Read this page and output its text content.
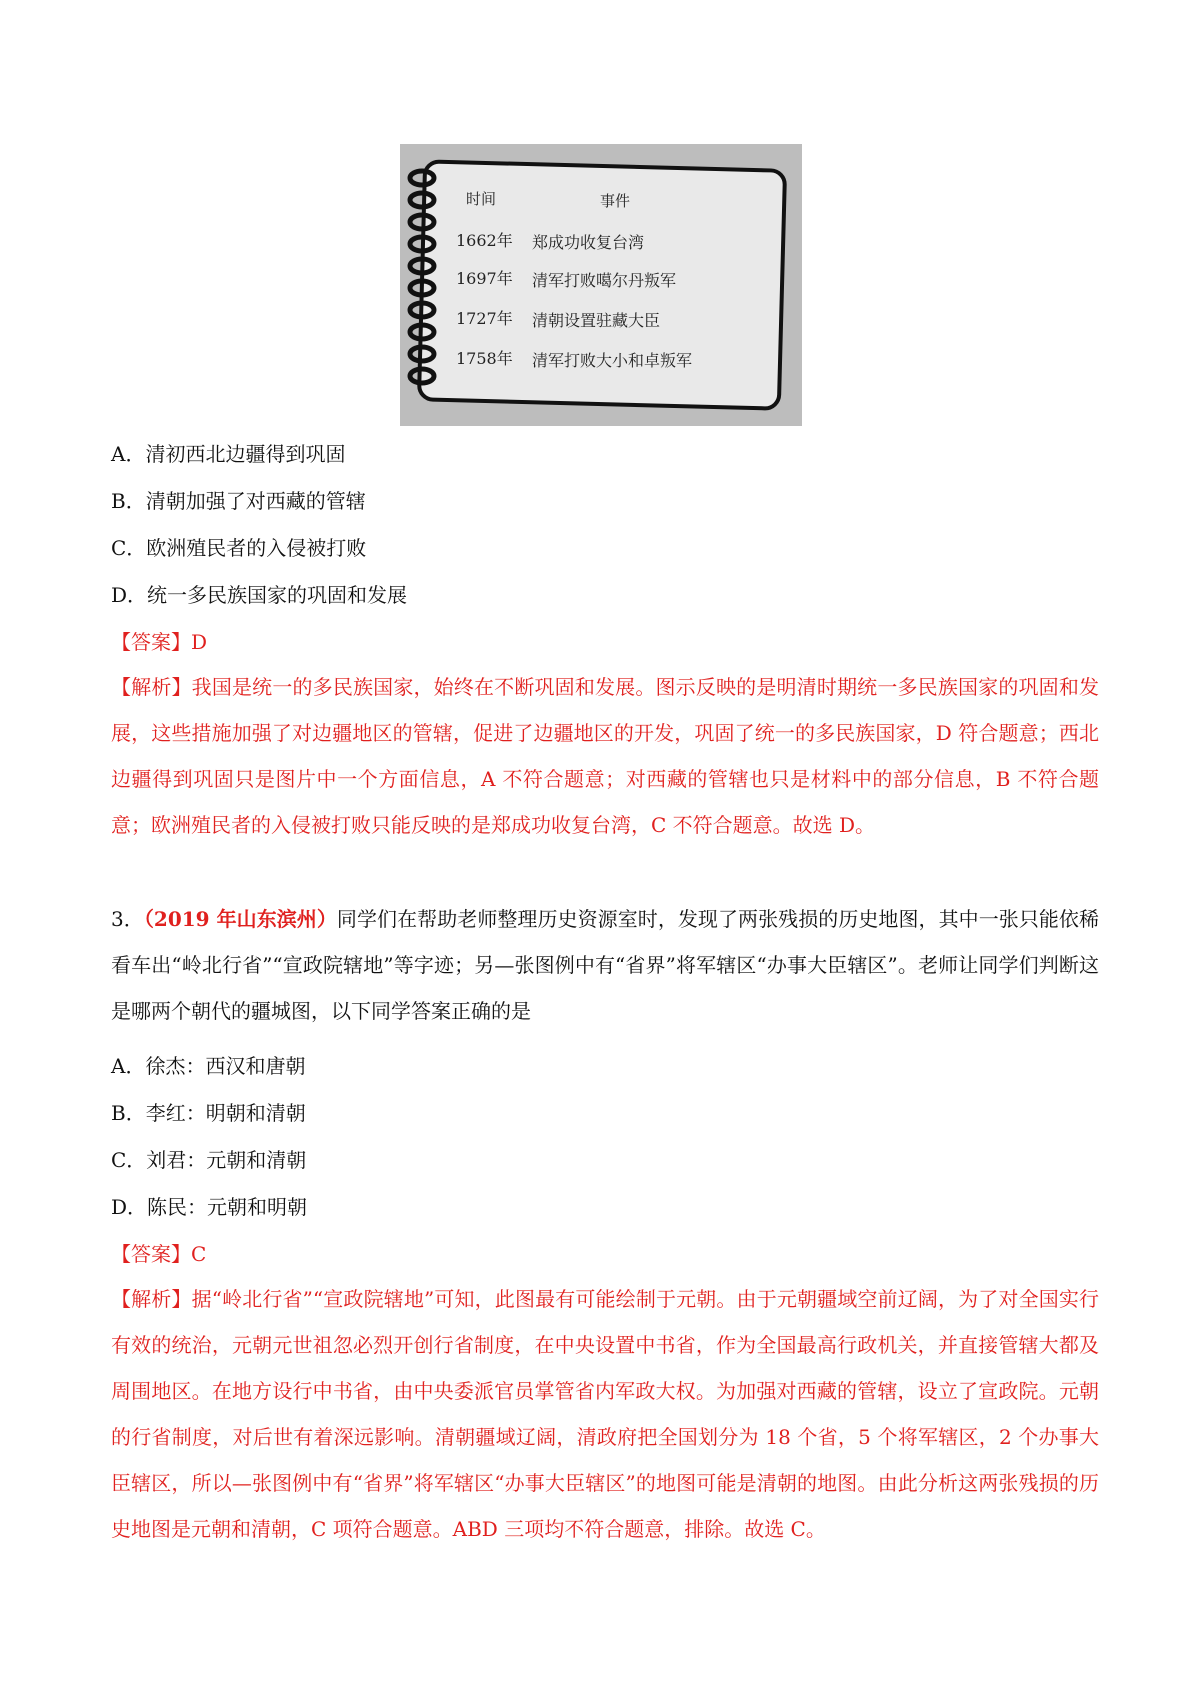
时间	事件
1662年 郑成功收复台湾
1697年 清军打败噶尔丹叛军
1727年 清朝设置驻藏大臣
1758年 清军打败大小和卓叛军
A．清初西北边疆得到巩固
B．清朝加强了对西藏的管辖
C．欧洲殖民者的入侵被打败
D．统一多民族国家的巩固和发展
【答案】D
【解析】我国是统一的多民族国家，始终在不断巩固和发展。图示反映的是明清时期统一多民族国家的巩固和发展，这些措施加强了对边疆地区的管辖，促进了边疆地区的开发，巩固了统一的多民族国家，D 符合题意；西北边疆得到巩固只是图片中一个方面信息，A 不符合题意；对西藏的管辖也只是材料中的部分信息，B 不符合题意；欧洲殖民者的入侵被打败只能反映的是郑成功收复台湾，C 不符合题意。故选 D。
3．（2019 年山东滨州）同学们在帮助老师整理历史资源室时，发现了两张残损的历史地图，其中一张只能依稀看车出“岭北行省”“宣政院辖地”等字迹；另—张图例中有“省界”将军辖区“办事大臣辖区”。老师让同学们判断这是哪两个朝代的疆城图，以下同学答案正确的是
A．徐杰：西汉和唐朝
B．李红：明朝和清朝
C．刘君：元朝和清朝
D．陈民：元朝和明朝
【答案】C
【解析】据“岭北行省”“宣政院辖地”可知，此图最有可能绘制于元朝。由于元朝疆域空前辽阔，为了对全国实行有效的统治，元朝元世祖忽必烈开创行省制度，在中央设置中书省，作为全国最高行政机关，并直接管辖大都及周围地区。在地方设行中书省，由中央委派官员掌管省内军政大权。为加强对西藏的管辖，设立了宣政院。元朝的行省制度，对后世有着深远影响。清朝疆域辽阔，清政府把全国划分为 18 个省，5 个将军辖区，2 个办事大臣辖区，所以—张图例中有“省界”将军辖区“办事大臣辖区”的地图可能是清朝的地图。由此分析这两张残损的历史地图是元朝和清朝，C 项符合题意。ABD 三项均不符合题意，排除。故选 C。
